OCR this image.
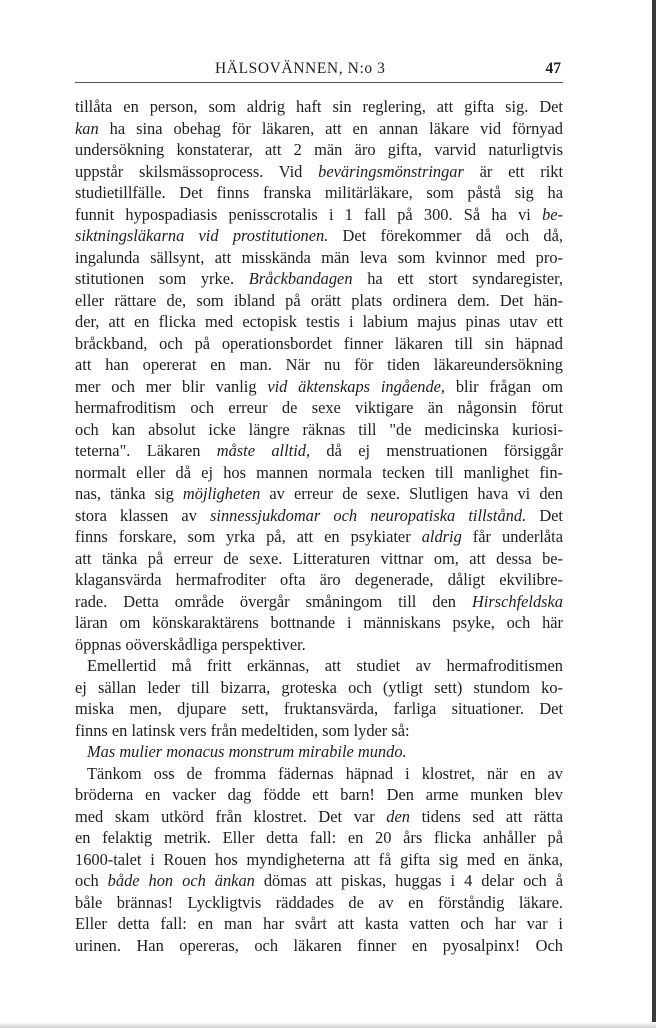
HÄLSOVÄNNEN, N:o 3	47
tillåta en person, som aldrig haft sin reglering, att gifta sig. Det
kan ha sina obehag för läkaren, att en annan läkare vid förnyad
undersökning konstaterar, att 2 män äro gifta, varvid naturligtvis
uppstår skilsmässoprocess. Vid beväringsmönstringar är ett rikt
studietillfälle. Det finns franska militärläkare, som påstå sig ha
funnit hypospadiasis penisscrotalis i 1 fall på 300. Så ha vi be-
siktningsläkarna vid prostitutionen. Det förekommer då och då,
ingalunda sällsynt, att misskända män leva som kvinnor med pro-
stitutionen som yrke. Bråckbandagen ha ett stort syndaregister,
eller rättare de, som ibland på orätt plats ordinera dem. Det hän-
der, att en flicka med ectopisk testis i labium majus pinas utav ett
bråckband, och på operationsbordet finner läkaren till sin häpnad
att han opererat en man. När nu för tiden läkareundersökning
mer och mer blir vanlig vid äktenskaps ingående, blir frågan om
hermafroditism och erreur de sexe viktigare än någonsin förut
och kan absolut icke längre räknas till "de medicinska kuriosi-
teterna". Läkaren måste alltid, då ej menstruationen försiggår
normalt eller då ej hos mannen normala tecken till manlighet fin-
nas, tänka sig möjligheten av erreur de sexe. Slutligen hava vi den
stora klassen av sinnessjukdomar och neuropatiska tillstånd. Det
finns forskare, som yrka på, att en psykiater aldrig får underlåta
att tänka på erreur de sexe. Litteraturen vittnar om, att dessa be-
klagansvärda hermafroditer ofta äro degenerade, dåligt ekvilibre-
rade. Detta område övergår småningom till den Hirschfeldska
läran om könskaraktärens bottnande i människans psyke, och här
öppnas oöverskådliga perspektiver.
Emellertid må fritt erkännas, att studiet av hermafroditismen
ej sällan leder till bizarra, groteska och (ytligt sett) stundom ko-
miska men, djupare sett, fruktansvärda, farliga situationer. Det
finns en latinsk vers från medeltiden, som lyder så:
Mas mulier monacus monstrum mirabile mundo.
Tänkom oss de fromma fädernas häpnad i klostret, när en av
bröderna en vacker dag födde ett barn! Den arme munken blev
med skam utkörd från klostret. Det var den tidens sed att rätta
en felaktig metrik. Eller detta fall: en 20 års flicka anhåller på
1600-talet i Rouen hos myndigheterna att få gifta sig med en änka,
och både hon och änkan dömas att piskas, huggas i 4 delar och å
båle brännas! Lyckligtvis räddades de av en förståndig läkare.
Eller detta fall: en man har svårt att kasta vatten och har var i
urinen. Han opereras, och läkaren finner en pyosalpinx! Och
